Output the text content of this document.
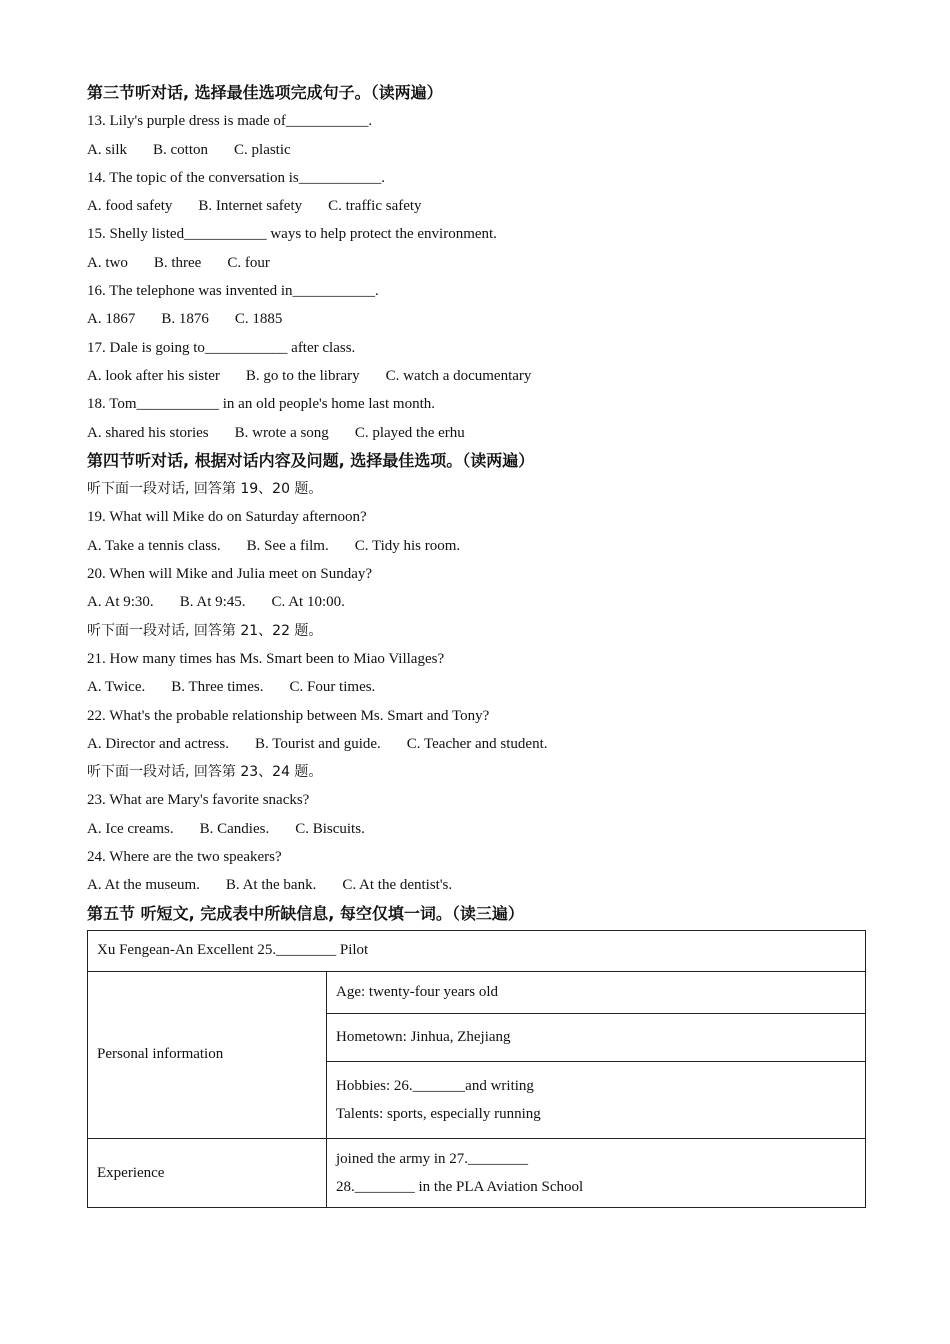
第三节听对话, 选择最佳选项完成句子。（读两遍）
13. Lily's purple dress is made of___________.
A. silk B. cotton C. plastic
14. The topic of the conversation is___________.
A. food safety B. Internet safety C. traffic safety
15. Shelly listed___________ ways to help protect the environment.
A. two B. three C. four
16. The telephone was invented in___________.
A. 1867 B. 1876 C. 1885
17. Dale is going to___________ after class.
A. look after his sister B. go to the library C. watch a documentary
18. Tom___________ in an old people's home last month.
A. shared his stories B. wrote a song C. played the erhu
第四节听对话, 根据对话内容及问题, 选择最佳选项。（读两遍）
听下面一段对话, 回答第 19、20 题。
19. What will Mike do on Saturday afternoon?
A. Take a tennis class. B. See a film. C. Tidy his room.
20. When will Mike and Julia meet on Sunday?
A. At 9:30. B. At 9:45. C. At 10:00.
听下面一段对话, 回答第 21、22 题。
21. How many times has Ms. Smart been to Miao Villages?
A. Twice. B. Three times. C. Four times.
22. What's the probable relationship between Ms. Smart and Tony?
A. Director and actress. B. Tourist and guide. C. Teacher and student.
听下面一段对话, 回答第 23、24 题。
23. What are Mary's favorite snacks?
A. Ice creams. B. Candies. C. Biscuits.
24. Where are the two speakers?
A. At the museum. B. At the bank. C. At the dentist's.
第五节 听短文, 完成表中所缺信息, 每空仅填一词。（读三遍）
Xu Fengean-An Excellent 25.________ Pilot	
Personal information	Age: twenty-four years old
	Hometown: Jinhua, Zhejiang

	Hobbies: 26._______and writing
Talents: sports, especially running

Experience	joined the army in 27.________
28.________ in the PLA Aviation School
